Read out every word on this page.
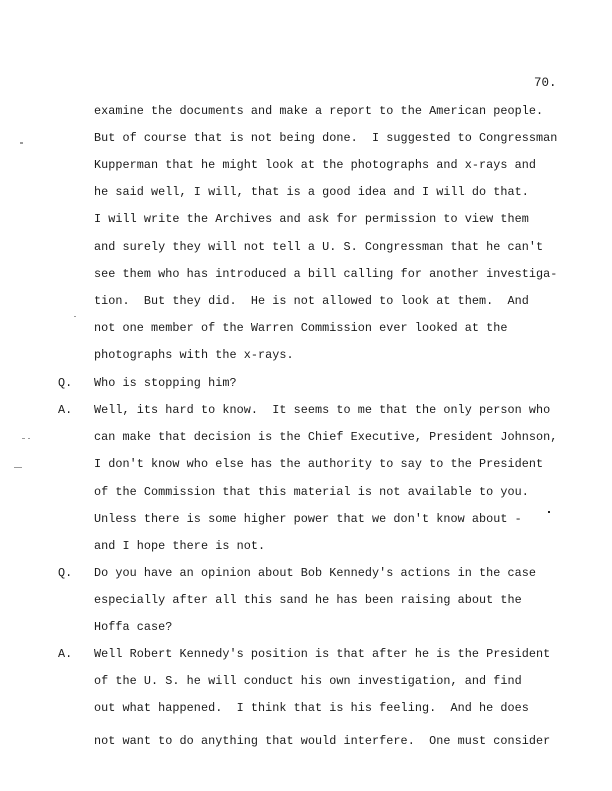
70.
examine the documents and make a report to the American people.
But of course that is not being done.  I suggested to Congressman
Kupperman that he might look at the photographs and x-rays and
he said well, I will, that is a good idea and I will do that.
I will write the Archives and ask for permission to view them
and surely they will not tell a U. S. Congressman that he can't
see them who has introduced a bill calling for another investiga-
tion.  But they did.  He is not allowed to look at them.  And
not one member of the Warren Commission ever looked at the
photographs with the x-rays.
Q. Who is stopping him?
A. Well, its hard to know.  It seems to me that the only person who
can make that decision is the Chief Executive, President Johnson,
I don't know who else has the authority to say to the President
of the Commission that this material is not available to you.
Unless there is some higher power that we don't know about -
and I hope there is not.
Q. Do you have an opinion about Bob Kennedy's actions in the case
especially after all this sand he has been raising about the
Hoffa case?
A. Well Robert Kennedy's position is that after he is the President
of the U. S. he will conduct his own investigation, and find
out what happened.  I think that is his feeling.  And he does
not want to do anything that would interfere.  One must consider
